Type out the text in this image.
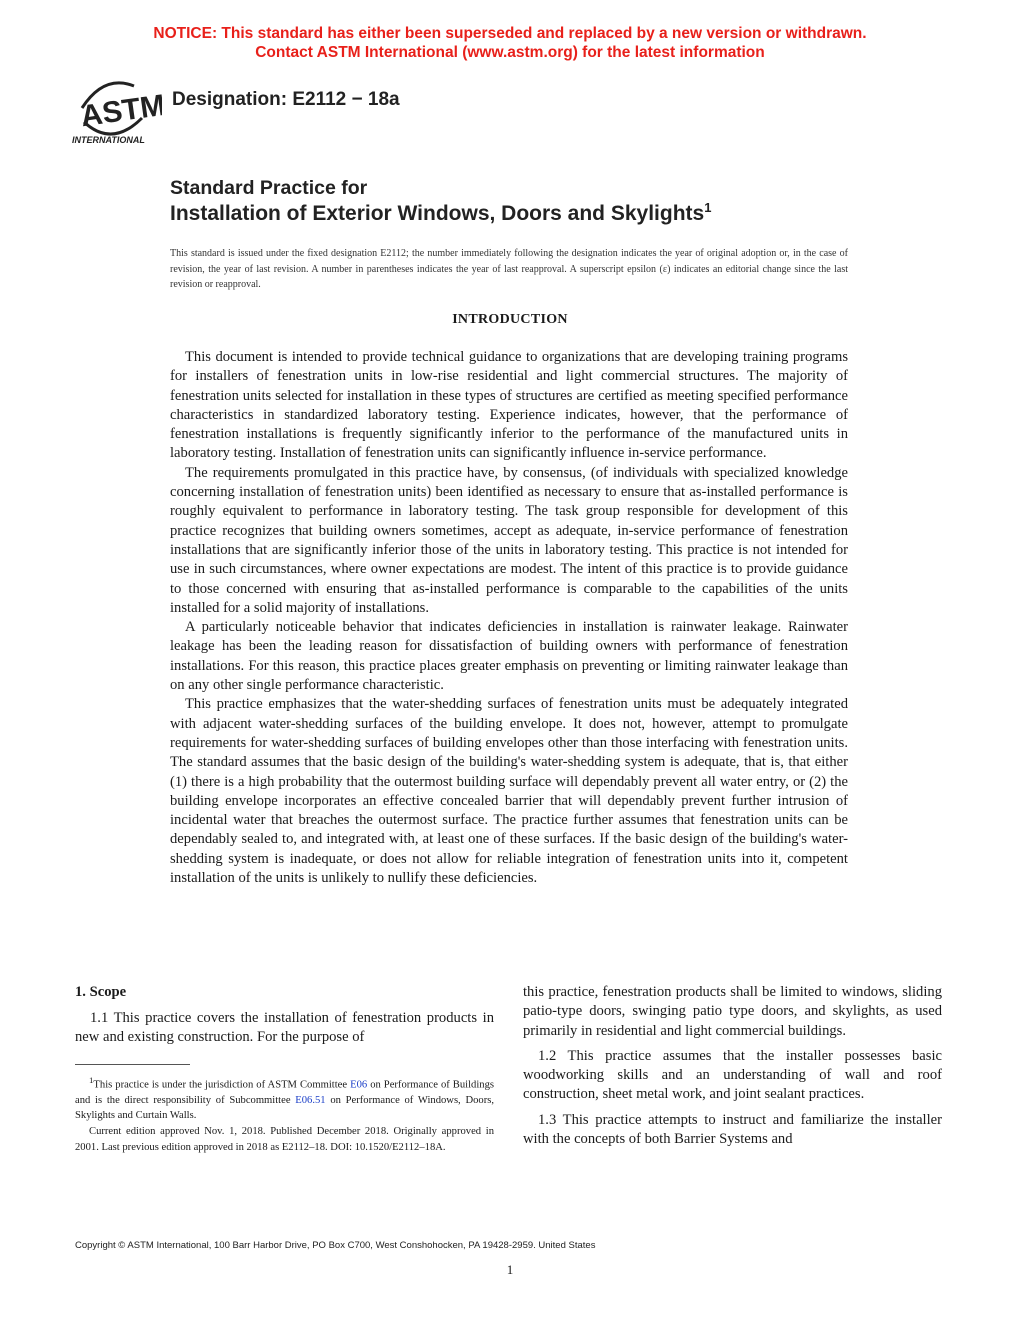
NOTICE: This standard has either been superseded and replaced by a new version or withdrawn.
Contact ASTM International (www.astm.org) for the latest information
ASTM
INTERNATIONAL
Designation: E2112 − 18a
Standard Practice for
Installation of Exterior Windows, Doors and Skylights$^1$
This standard is issued under the fixed designation E2112; the number immediately following the designation indicates the year of original adoption or, in the case of revision, the year of last revision. A number in parentheses indicates the year of last reapproval. A superscript epsilon (ε) indicates an editorial change since the last revision or reapproval.
INTRODUCTION

This document is intended to provide technical guidance to organizations that are developing training programs for installers of fenestration units in low-rise residential and light commercial structures. The majority of fenestration units selected for installation in these types of structures are certified as meeting specified performance characteristics in standardized laboratory testing. Experience indicates, however, that the performance of fenestration installations is frequently significantly inferior to the performance of the manufactured units in laboratory testing. Installation of fenestration units can significantly influence in-service performance.

The requirements promulgated in this practice have, by consensus, (of individuals with specialized knowledge concerning installation of fenestration units) been identified as necessary to ensure that as-installed performance is roughly equivalent to performance in laboratory testing. The task group responsible for development of this practice recognizes that building owners sometimes, accept as adequate, in-service performance of fenestration installations that are significantly inferior those of the units in laboratory testing. This practice is not intended for use in such circumstances, where owner expectations are modest. The intent of this practice is to provide guidance to those concerned with ensuring that as-installed performance is comparable to the capabilities of the units installed for a solid majority of installations.

A particularly noticeable behavior that indicates deficiencies in installation is rainwater leakage. Rainwater leakage has been the leading reason for dissatisfaction of building owners with performance of fenestration installations. For this reason, this practice places greater emphasis on preventing or limiting rainwater leakage than on any other single performance characteristic.

This practice emphasizes that the water-shedding surfaces of fenestration units must be adequately integrated with adjacent water-shedding surfaces of the building envelope. It does not, however, attempt to promulgate requirements for water-shedding surfaces of building envelopes other than those interfacing with fenestration units. The standard assumes that the basic design of the building's water-shedding system is adequate, that is, that either (1) there is a high probability that the outermost building surface will dependably prevent all water entry, or (2) the building envelope incorporates an effective concealed barrier that will dependably prevent further intrusion of incidental water that breaches the outermost surface. The practice further assumes that fenestration units can be dependably sealed to, and integrated with, at least one of these surfaces. If the basic design of the building's water-shedding system is inadequate, or does not allow for reliable integration of fenestration units into it, competent installation of the units is unlikely to nullify these deficiencies.

1. Scope

1.1 This practice covers the installation of fenestration products in new and existing construction. For the purpose of

$^1$This practice is under the jurisdiction of ASTM Committee E06 on Performance of Buildings and is the direct responsibility of Subcommittee E06.51 on Performance of Windows, Doors, Skylights and Curtain Walls.

Current edition approved Nov. 1, 2018. Published December 2018. Originally approved in 2001. Last previous edition approved in 2018 as E2112–18. DOI: 10.1520/E2112–18A.

this practice, fenestration products shall be limited to windows, sliding patio-type doors, swinging patio type doors, and skylights, as used primarily in residential and light commercial buildings.

1.2 This practice assumes that the installer possesses basic woodworking skills and an understanding of wall and roof construction, sheet metal work, and joint sealant practices.

1.3 This practice attempts to instruct and familiarize the installer with the concepts of both Barrier Systems and

Copyright © ASTM International, 100 Barr Harbor Drive, PO Box C700, West Conshohocken, PA 19428-2959. United States
1
